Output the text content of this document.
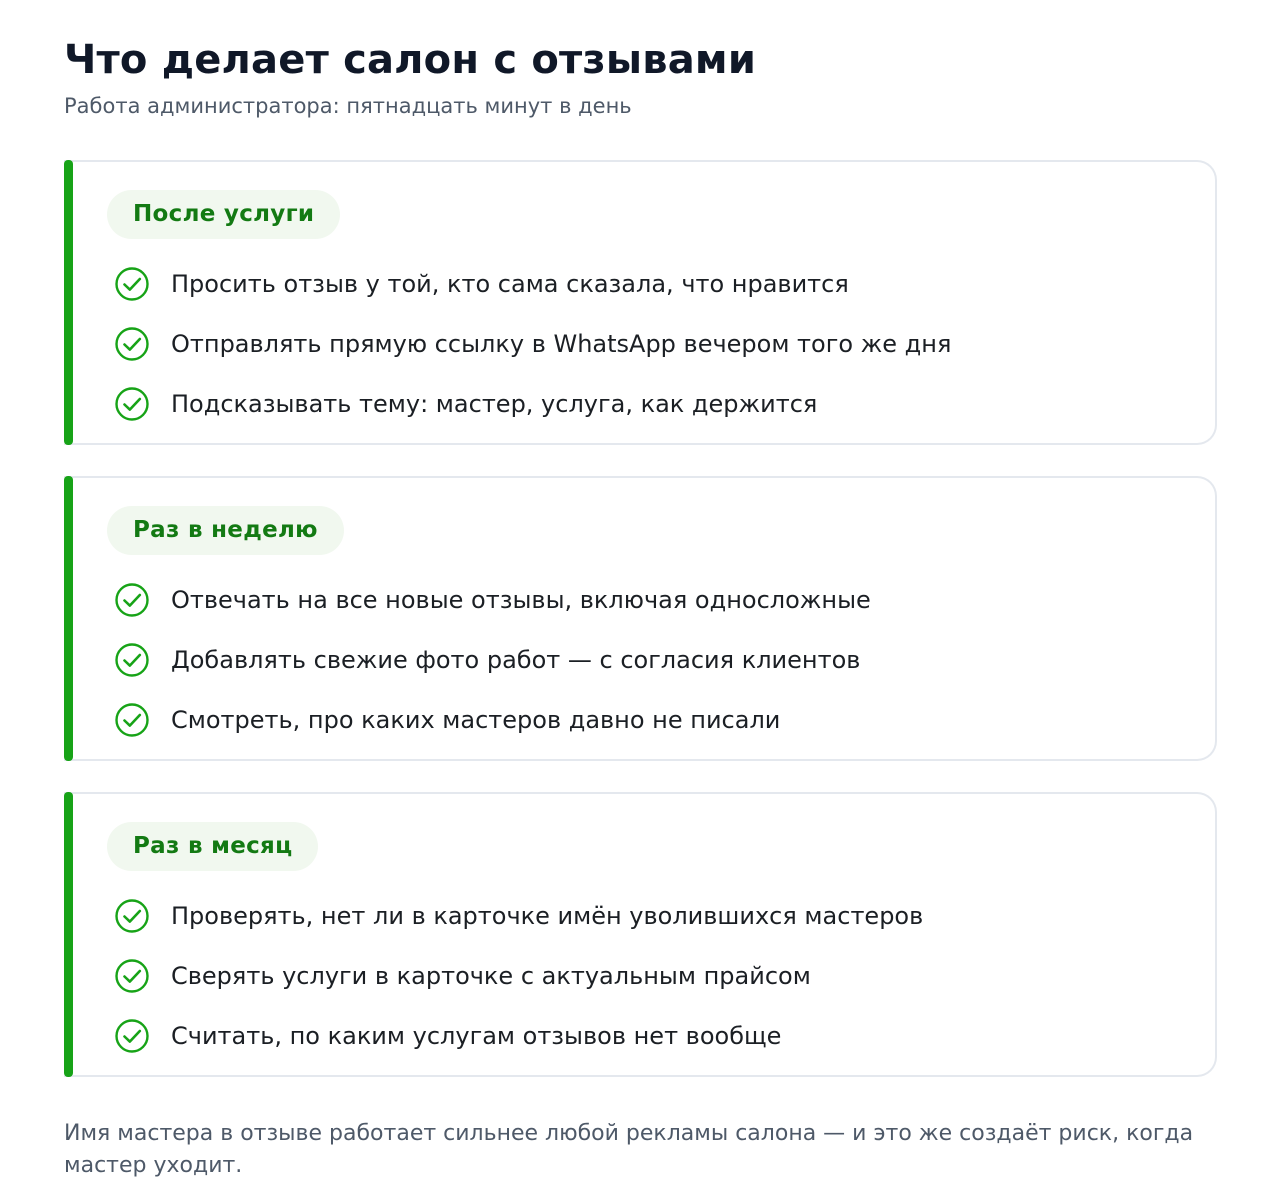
Что делает салон с отзывами
Работа администратора: пятнадцать минут в день
После услуги
Просить отзыв у той, кто сама сказала, что нравится
Отправлять прямую ссылку в WhatsApp вечером того же дня
Подсказывать тему: мастер, услуга, как держится
Раз в неделю
Отвечать на все новые отзывы, включая односложные
Добавлять свежие фото работ — с согласия клиентов
Смотреть, про каких мастеров давно не писали
Раз в месяц
Проверять, нет ли в карточке имён уволившихся мастеров
Сверять услуги в карточке с актуальным прайсом
Считать, по каким услугам отзывов нет вообще

Имя мастера в отзыве работает сильнее любой рекламы салона — и это же создаёт риск, когда мастер уходит.
